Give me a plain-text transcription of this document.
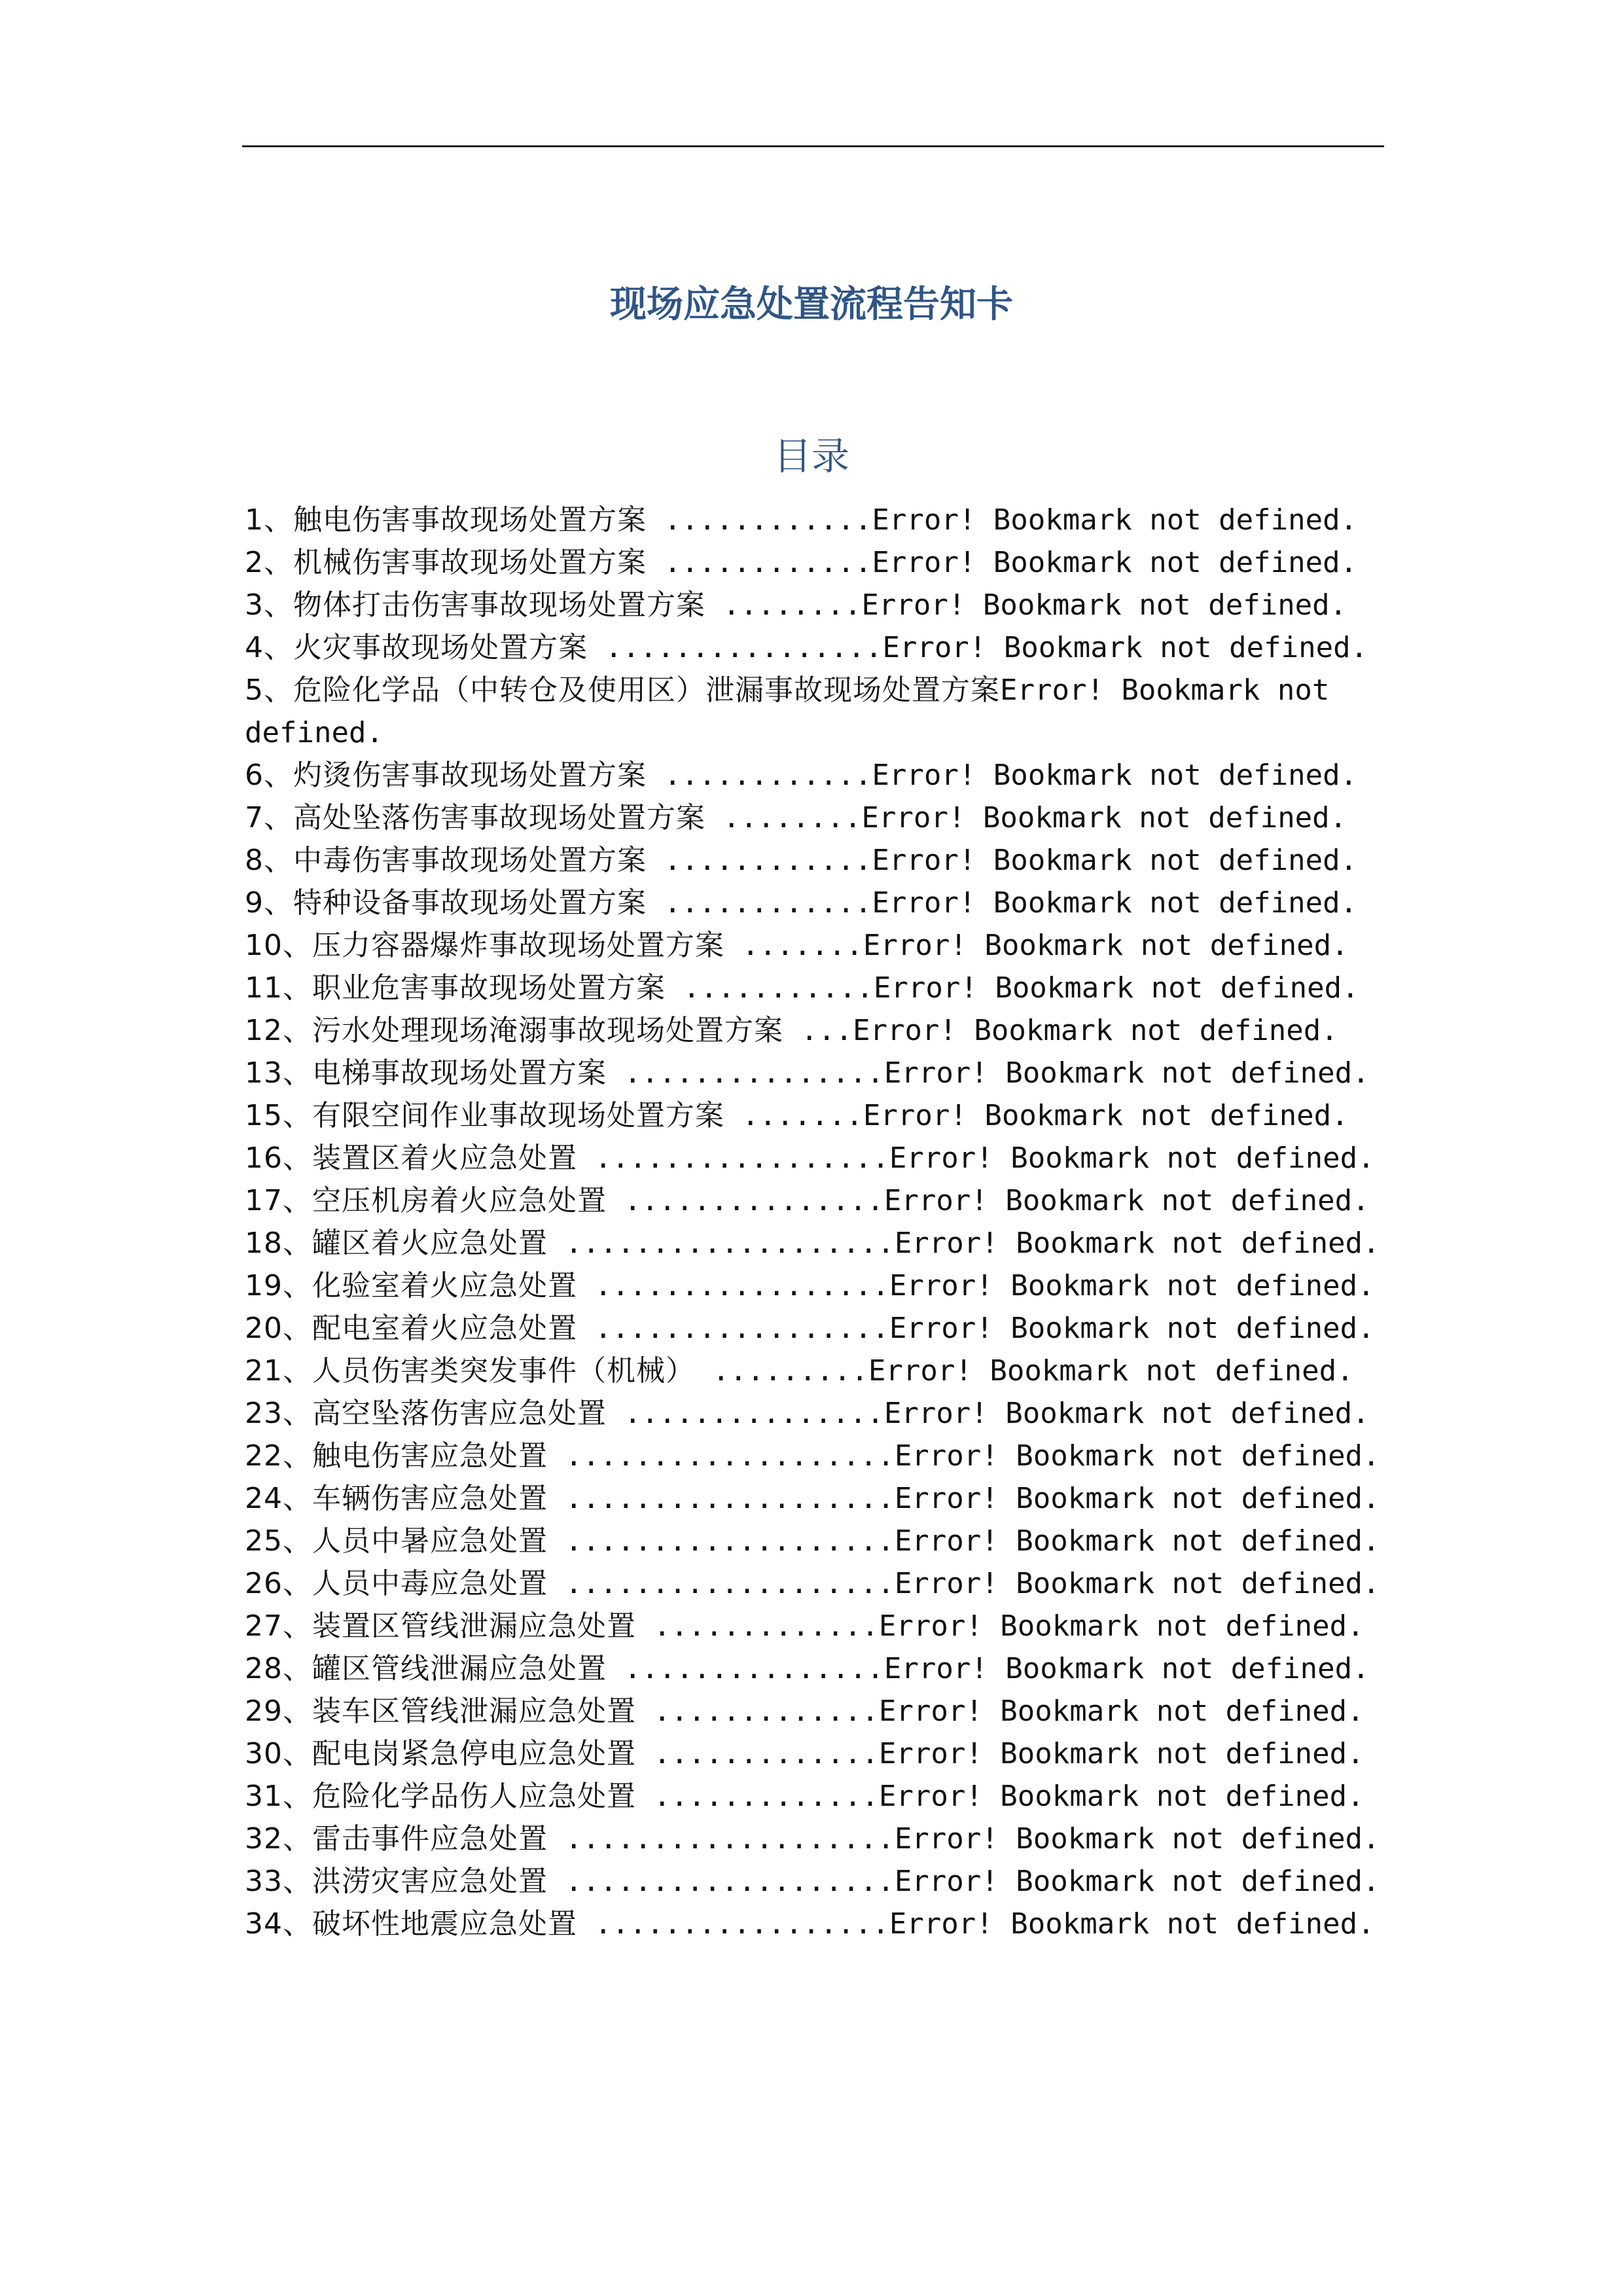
现场应急处置流程告知卡
目录
1、触电伤害事故现场处置方案 ............Error! Bookmark not defined.
2、机械伤害事故现场处置方案 ............Error! Bookmark not defined.
3、物体打击伤害事故现场处置方案 ........Error! Bookmark not defined.
4、火灾事故现场处置方案 ................Error! Bookmark not defined.
5、危险化学品（中转仓及使用区）泄漏事故现场处置方案Error! Bookmark not defined.
6、灼烫伤害事故现场处置方案 ............Error! Bookmark not defined.
7、高处坠落伤害事故现场处置方案 ........Error! Bookmark not defined.
8、中毒伤害事故现场处置方案 ............Error! Bookmark not defined.
9、特种设备事故现场处置方案 ............Error! Bookmark not defined.
10、压力容器爆炸事故现场处置方案 .......Error! Bookmark not defined.
11、职业危害事故现场处置方案 ...........Error! Bookmark not defined.
12、污水处理现场淹溺事故现场处置方案 ...Error! Bookmark not defined.
13、电梯事故现场处置方案 ...............Error! Bookmark not defined.
15、有限空间作业事故现场处置方案 .......Error! Bookmark not defined.
16、装置区着火应急处置 .................Error! Bookmark not defined.
17、空压机房着火应急处置 ...............Error! Bookmark not defined.
18、罐区着火应急处置 ...................Error! Bookmark not defined.
19、化验室着火应急处置 .................Error! Bookmark not defined.
20、配电室着火应急处置 .................Error! Bookmark not defined.
21、人员伤害类突发事件（机械） .........Error! Bookmark not defined.
23、高空坠落伤害应急处置 ...............Error! Bookmark not defined.
22、触电伤害应急处置 ...................Error! Bookmark not defined.
24、车辆伤害应急处置 ...................Error! Bookmark not defined.
25、人员中暑应急处置 ...................Error! Bookmark not defined.
26、人员中毒应急处置 ...................Error! Bookmark not defined.
27、装置区管线泄漏应急处置 .............Error! Bookmark not defined.
28、罐区管线泄漏应急处置 ...............Error! Bookmark not defined.
29、装车区管线泄漏应急处置 .............Error! Bookmark not defined.
30、配电岗紧急停电应急处置 .............Error! Bookmark not defined.
31、危险化学品伤人应急处置 .............Error! Bookmark not defined.
32、雷击事件应急处置 ...................Error! Bookmark not defined.
33、洪涝灾害应急处置 ...................Error! Bookmark not defined.
34、破坏性地震应急处置 .................Error! Bookmark not defined.
